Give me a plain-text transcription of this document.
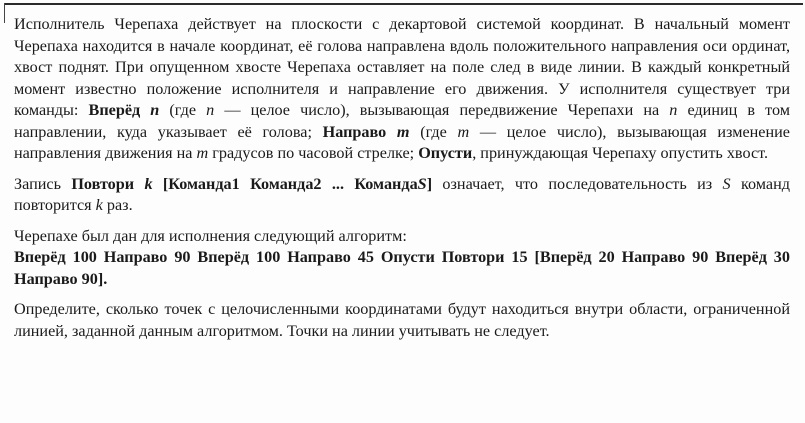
Исполнитель Черепаха действует на плоскости с декартовой системой координат. В начальный момент Черепаха находится в начале координат, её голова направлена вдоль положительного направления оси ординат, хвост поднят. При опущенном хвосте Черепаха оставляет на поле след в виде линии. В каждый конкретный момент известно положение исполнителя и направление его движения. У исполнителя существует три команды: Вперёд n (где n — целое число), вызывающая передвижение Черепахи на n единиц в том направлении, куда указывает её голова; Направо m (где m — целое число), вызывающая изменение направления движения на m градусов по часовой стрелке; Опусти, принуждающая Черепаху опустить хвост.

Запись Повтори k [Команда1 Команда2 ... КомандаS] означает, что последовательность из S команд повторится k раз.

Черепахе был дан для исполнения следующий алгоритм:
Вперёд 100 Направо 90 Вперёд 100 Направо 45 Опусти Повтори 15 [Вперёд 20 Направо 90 Вперёд 30 Направо 90].

Определите, сколько точек с целочисленными координатами будут находиться внутри области, ограниченной линией, заданной данным алгоритмом. Точки на линии учитывать не следует.
